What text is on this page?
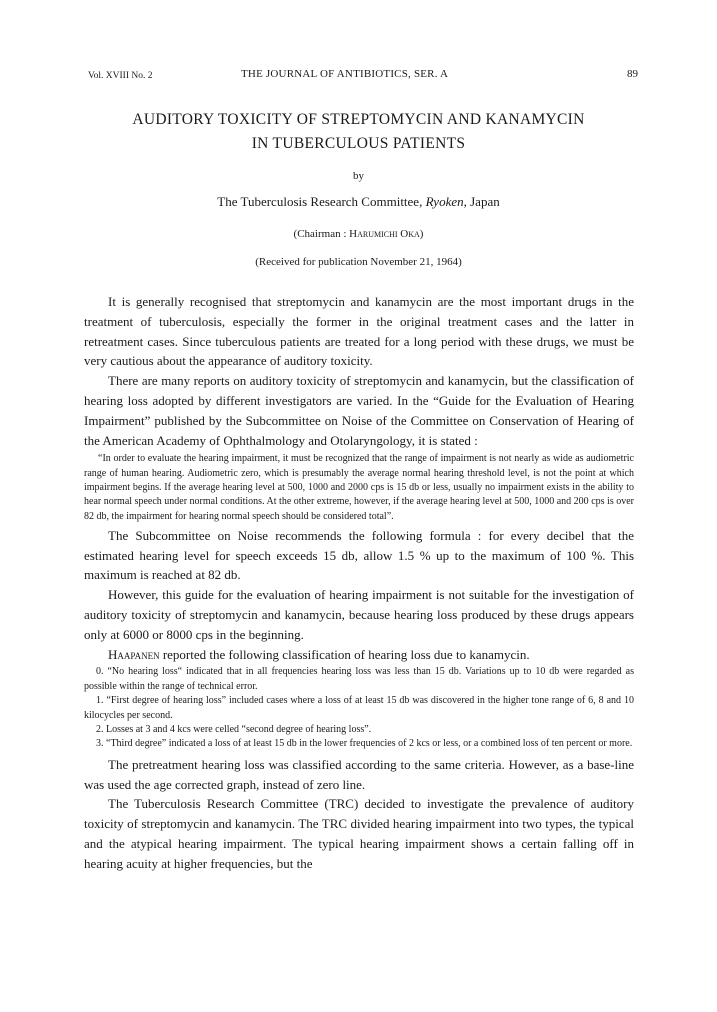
Vol. XVIII No. 2	THE JOURNAL OF ANTIBIOTICS, SER. A	89
AUDITORY TOXICITY OF STREPTOMYCIN AND KANAMYCIN
IN TUBERCULOUS PATIENTS
by
The Tuberculosis Research Committee, Ryoken, Japan
(Chairman : Harumichi Oka)
(Received for publication November 21, 1964)

It is generally recognised that streptomycin and kanamycin are the most important drugs in the treatment of tuberculosis, especially the former in the original treatment cases and the latter in retreatment cases. Since tuberculous patients are treated for a long period with these drugs, we must be very cautious about the appearance of auditory toxicity.

There are many reports on auditory toxicity of streptomycin and kanamycin, but the classification of hearing loss adopted by different investigators are varied. In the “Guide for the Evaluation of Hearing Impairment” published by the Subcommittee on Noise of the Committee on Conservation of Hearing of the American Academy of Ophthalmology and Otolaryngology, it is stated :

“In order to evaluate the hearing impairment, it must be recognized that the range of impairment is not nearly as wide as audiometric range of human hearing. Audiometric zero, which is presumably the average normal hearing threshold level, is not the point at which impairment begins. If the average hearing level at 500, 1000 and 2000 cps is 15 db or less, usually no impairment exists in the ability to hear normal speech under normal conditions. At the other extreme, however, if the average hearing level at 500, 1000 and 200 cps is over 82 db, the impairment for hearing normal speech should be considered total”.

The Subcommittee on Noise recommends the following formula : for every decibel that the estimated hearing level for speech exceeds 15 db, allow 1.5 % up to the maximum of 100 %. This maximum is reached at 82 db.

However, this guide for the evaluation of hearing impairment is not suitable for the investigation of auditory toxicity of streptomycin and kanamycin, because hearing loss produced by these drugs appears only at 6000 or 8000 cps in the beginning.

Haapanen reported the following classification of hearing loss due to kanamycin.

0. “No hearing loss“ indicated that in all frequencies hearing loss was less than 15 db. Variations up to 10 db were regarded as possible within the range of technical error.

1. “First degree of hearing loss” included cases where a loss of at least 15 db was discovered in the higher tone range of 6, 8 and 10 kilocycles per second.

2. Losses at 3 and 4 kcs were celled “second degree of hearing loss”.

3. “Third degree” indicated a loss of at least 15 db in the lower frequencies of 2 kcs or less, or a combined loss of ten percent or more.

The pretreatment hearing loss was classified according to the same criteria. However, as a base-line was used the age corrected graph, instead of zero line.

The Tuberculosis Research Committee (TRC) decided to investigate the prevalence of auditory toxicity of streptomycin and kanamycin. The TRC divided hearing impairment into two types, the typical and the atypical hearing impairment. The typical hearing impairment shows a certain falling off in hearing acuity at higher frequencies, but the
